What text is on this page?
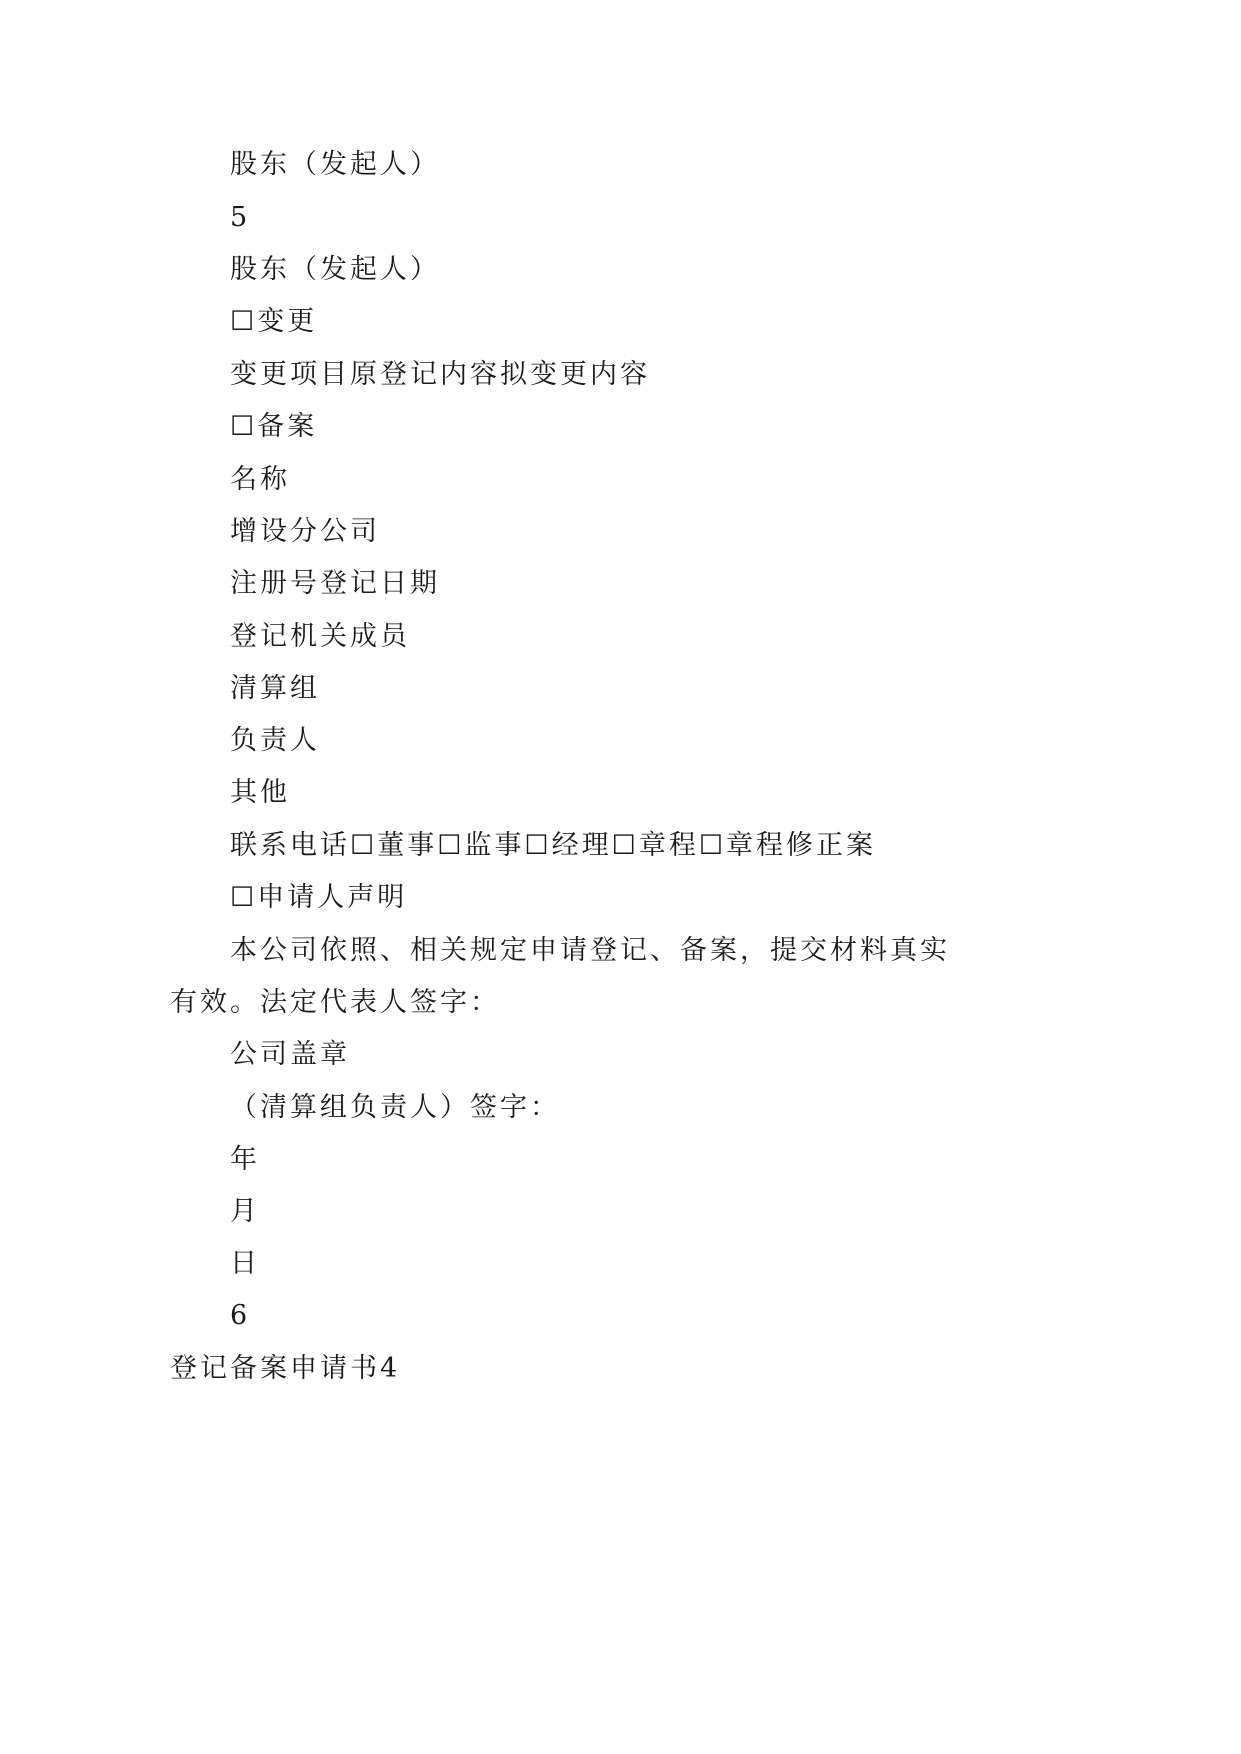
股东（发起人）
5
股东（发起人）
☐变更
变更项目原登记内容拟变更内容
☐备案
名称
增设分公司
注册号登记日期
登记机关成员
清算组
负责人
其他
联系电话☐董事☐监事☐经理☐章程☐章程修正案
☐申请人声明
本公司依照、相关规定申请登记、备案，提交材料真实
有效。法定代表人签字：
公司盖章
（清算组负责人）签字：
年
月
日
6
登记备案申请书4
